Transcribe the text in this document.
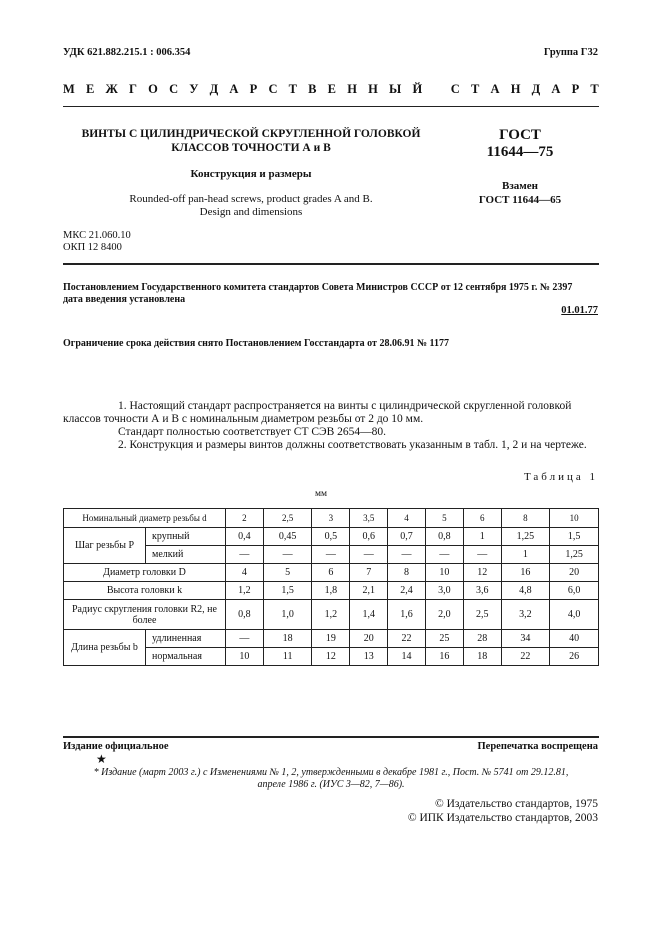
УДК 621.882.215.1 : 006.354	Группа Г32
М Е Ж Г О С У Д А Р С Т В Е Н Н Ы Й
С Т А Н Д А Р Т
ВИНТЫ С ЦИЛИНДРИЧЕСКОЙ СКРУГЛЕННОЙ ГОЛОВКОЙ
КЛАССОВ ТОЧНОСТИ А и В
Конструкция и размеры
Rounded-off pan-head screws, product grades A and B.
Design and dimensions
ГОСТ
11644—75
Взамен
ГОСТ 11644—65
МКС 21.060.10
ОКП 12 8400
Постановлением Государственного комитета стандартов Совета Министров СССР от 12 сентября 1975 г. № 2397
дата введения установлена
01.01.77
Ограничение срока действия снято Постановлением Госстандарта от 28.06.91 № 1177
1. Настоящий стандарт распространяется на винты с цилиндрической скругленной головкой
классов точности А и В с номинальным диаметром резьбы от 2 до 10 мм.
Стандарт полностью соответствует СТ СЭВ 2654—80.
2. Конструкция и размеры винтов должны соответствовать указанным в табл. 1, 2 и на чертеже.
Таблица 1
мм
Номинальный диаметр резьбы d		2	2,5	3	3,5	4	5	6	8	10
Шаг резьбы P	крупный	0,4	0,45	0,5	0,6	0,7	0,8	1	1,25	1,5
	мелкий	—	—	—	—	—	—	—	1	1,25
Диаметр головки D		4	5	6	7	8	10	12	16	20
Высота головки k		1,2	1,5	1,8	2,1	2,4	3,0	3,6	4,8	6,0
Радиус скругления головки R2, не более		0,8	1,0	1,2	1,4	1,6	2,0	2,5	3,2	4,0
Длина резьбы b	удлиненная	—	18	19	20	22	25	28	34	40
	нормальная	10	11	12	13	14	16	18	22	26
Издание официальное	Перепечатка воспрещена
★
* Издание (март 2003 г.) с Изменениями № 1, 2, утвержденными в декабре 1981 г., Пост. № 5741 от 29.12.81,
апреле 1986 г. (ИУС 3—82, 7—86).
© Издательство стандартов, 1975
© ИПК Издательство стандартов, 2003
